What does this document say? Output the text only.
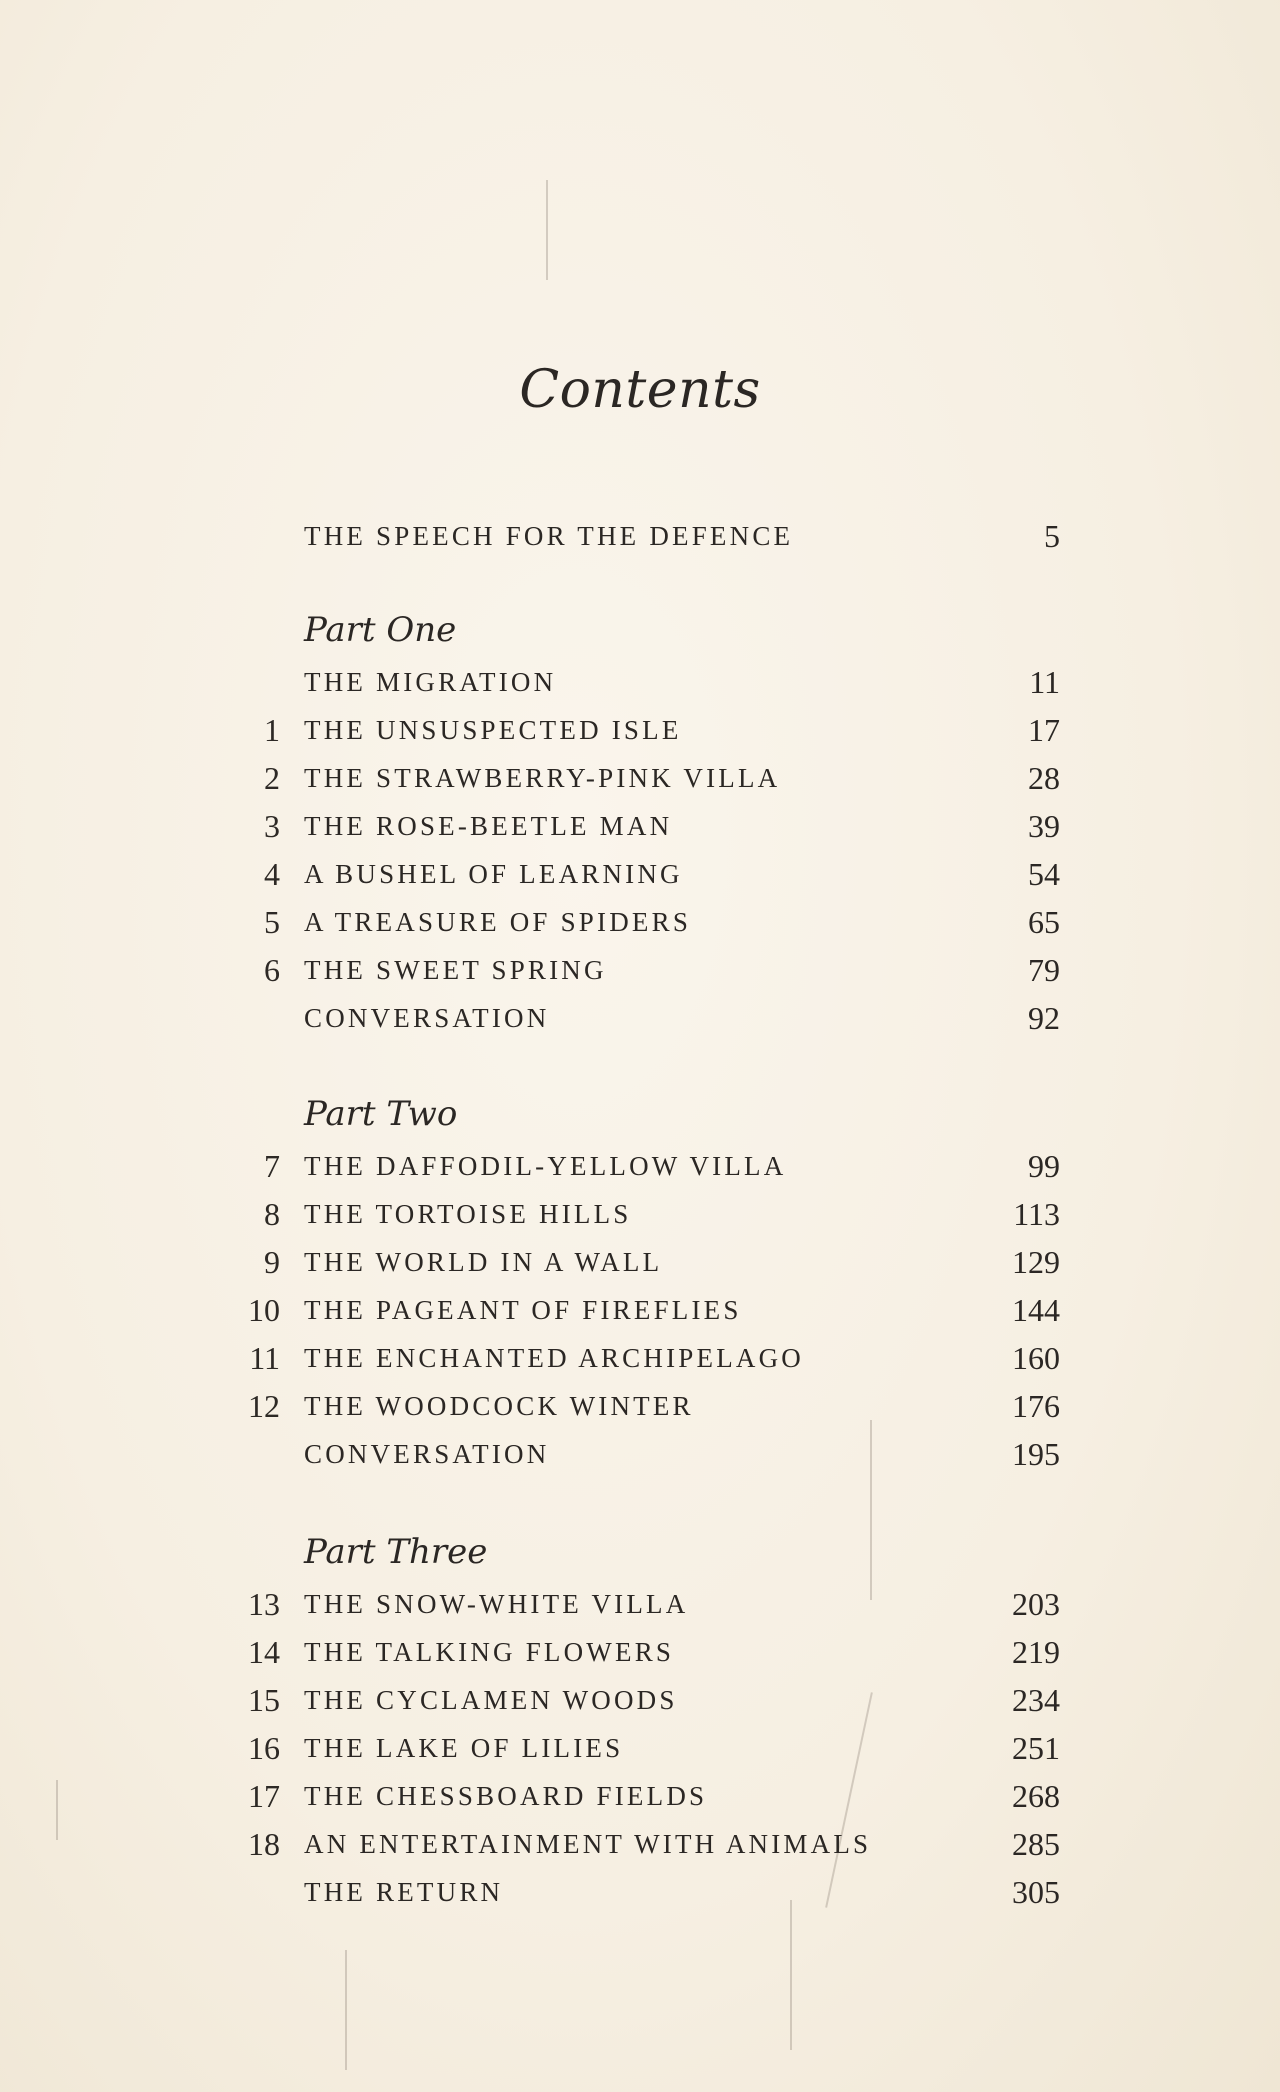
Contents
THE SPEECH FOR THE DEFENCE	5
Part One
THE MIGRATION	11
1 THE UNSUSPECTED ISLE	17
2 THE STRAWBERRY-PINK VILLA	28
3 THE ROSE-BEETLE MAN	39
4 A BUSHEL OF LEARNING	54
5 A TREASURE OF SPIDERS	65
6 THE SWEET SPRING	79
CONVERSATION	92
Part Two
7 THE DAFFODIL-YELLOW VILLA	99
8 THE TORTOISE HILLS	113
9 THE WORLD IN A WALL	129
10 THE PAGEANT OF FIREFLIES	144
11 THE ENCHANTED ARCHIPELAGO	160
12 THE WOODCOCK WINTER	176
CONVERSATION	195
Part Three
13 THE SNOW-WHITE VILLA	203
14 THE TALKING FLOWERS	219
15 THE CYCLAMEN WOODS	234
16 THE LAKE OF LILIES	251
17 THE CHESSBOARD FIELDS	268
18 AN ENTERTAINMENT WITH ANIMALS	285
THE RETURN	305
